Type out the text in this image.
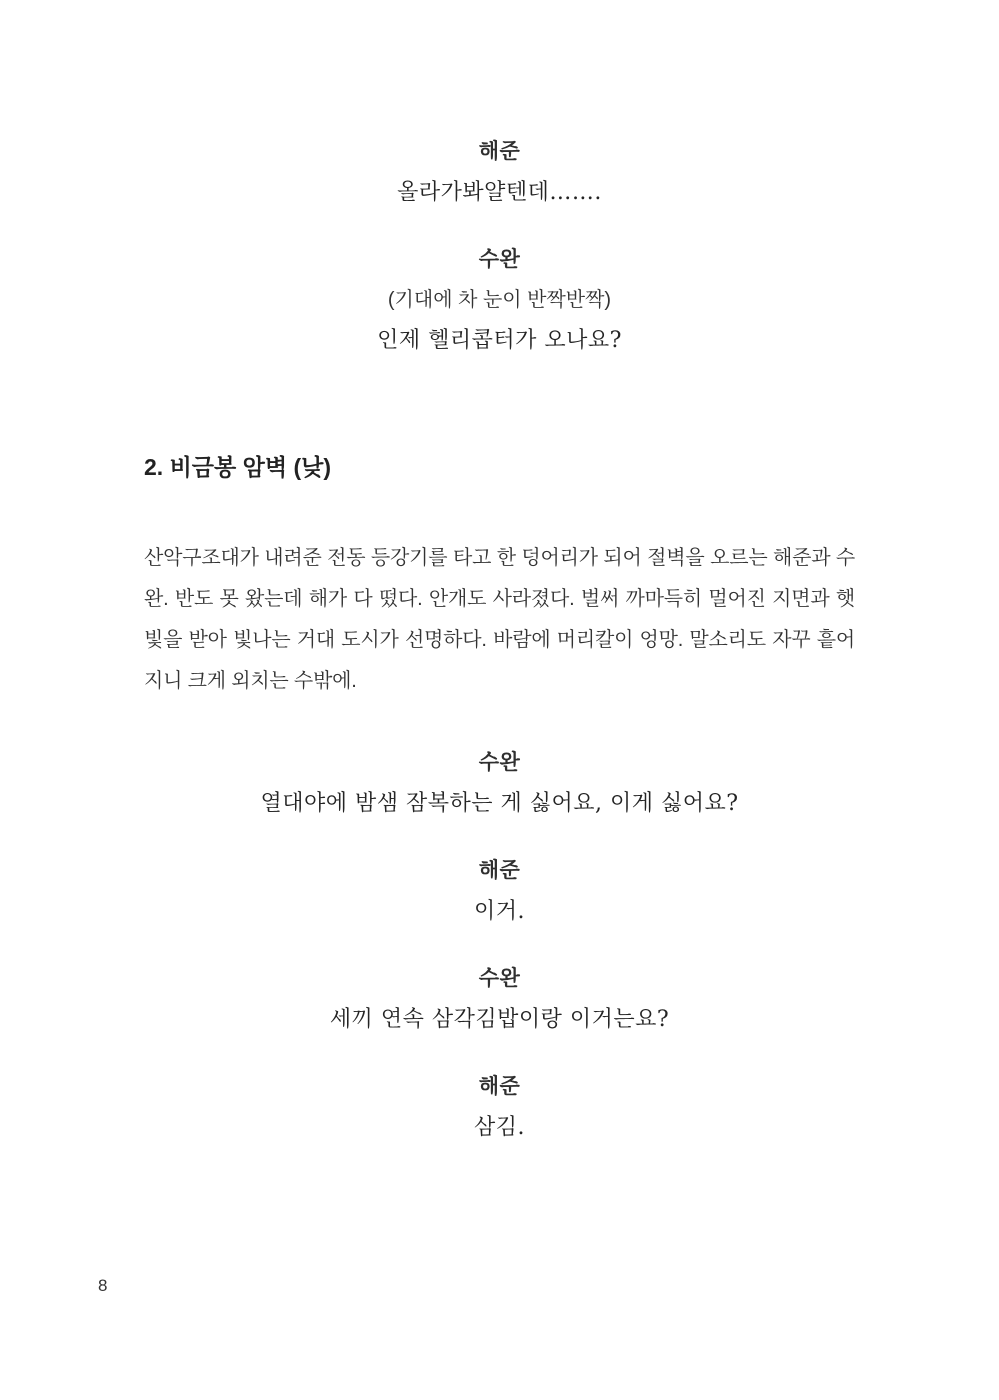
해준
올라가봐얄텐데…….
수완
(기대에 차 눈이 반짝반짝)
인제 헬리콥터가 오나요?
2. 비금봉 암벽 (낮)

산악구조대가 내려준 전동 등강기를 타고 한 덩어리가 되어 절벽을 오르는 해준과 수완. 반도 못 왔는데 해가 다 떴다. 안개도 사라졌다. 벌써 까마득히 멀어진 지면과 햇빛을 받아 빛나는 거대 도시가 선명하다. 바람에 머리칼이 엉망. 말소리도 자꾸 흩어지니 크게 외치는 수밖에.

수완
열대야에 밤샘 잠복하는 게 싫어요, 이게 싫어요?
해준
이거.
수완
세끼 연속 삼각김밥이랑 이거는요?
해준
삼김.
8
